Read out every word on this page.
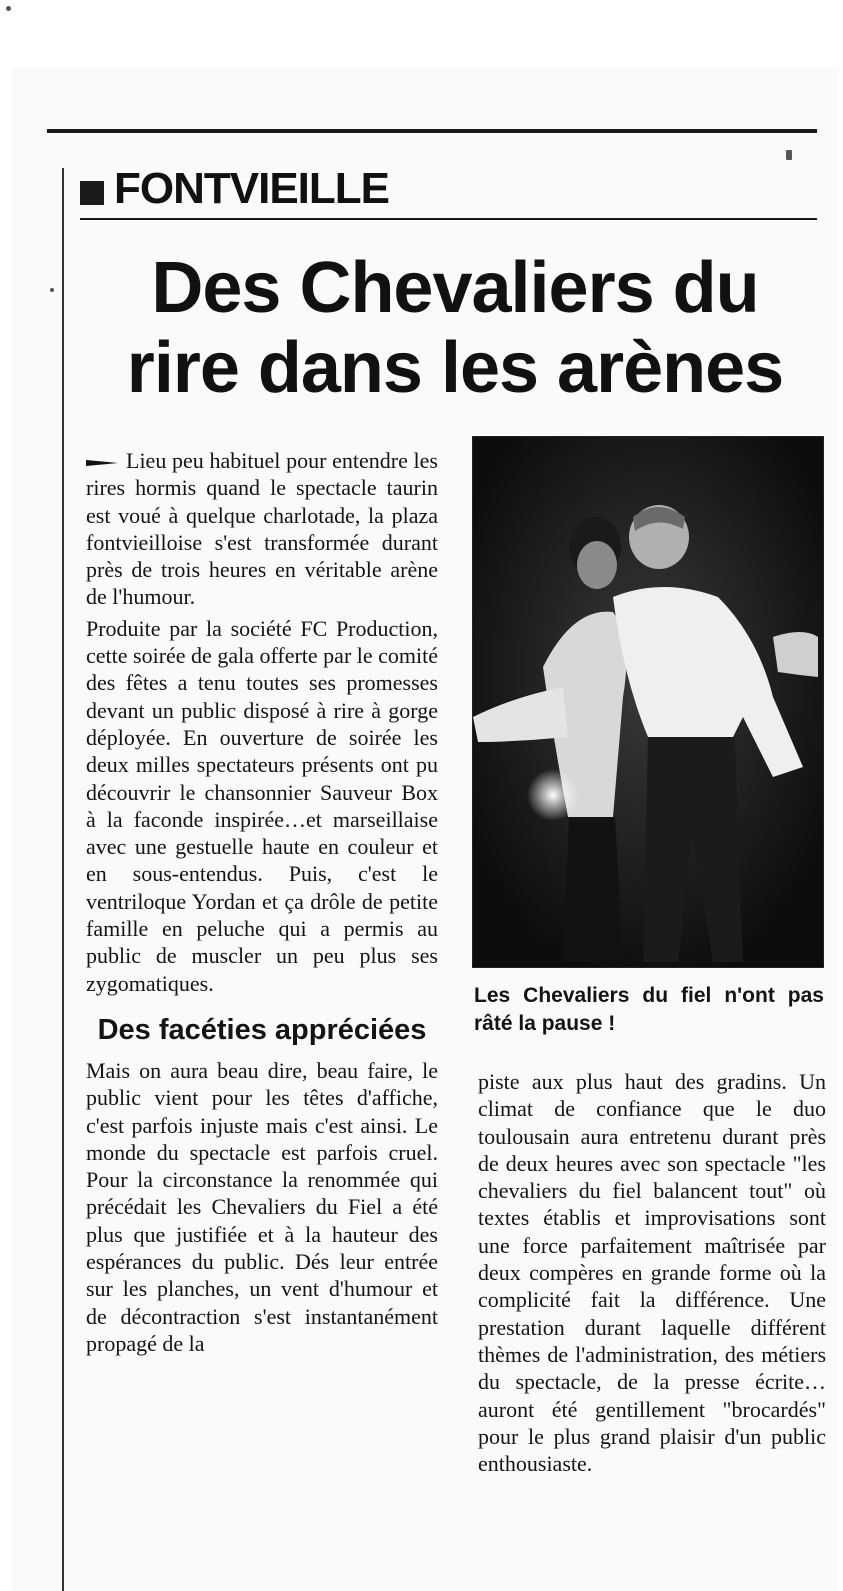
FONTVIEILLE
Des Chevaliers du rire dans les arènes

Lieu peu habituel pour entendre les rires hormis quand le spectacle taurin est voué à quelque charlotade, la plaza fontvieilloise s'est transformée durant près de trois heures en véritable arène de l'humour.

Produite par la société FC Production, cette soirée de gala offerte par le comité des fêtes a tenu toutes ses promesses devant un public disposé à rire à gorge déployée. En ouverture de soirée les deux milles spectateurs présents ont pu découvrir le chansonnier Sauveur Box à la faconde inspirée…et marseillaise avec une gestuelle haute en couleur et en sous-entendus. Puis, c'est le ventriloque Yordan et ça drôle de petite famille en peluche qui a permis au public de muscler un peu plus ses zygomatiques.

Des facéties appréciées

Mais on aura beau dire, beau faire, le public vient pour les têtes d'affiche, c'est parfois injuste mais c'est ainsi. Le monde du spectacle est parfois cruel. Pour la circonstance la renommée qui précédait les Chevaliers du Fiel a été plus que justifiée et à la hauteur des espérances du public. Dés leur entrée sur les planches, un vent d'humour et de décontraction s'est instantanément propagé de la

Les Chevaliers du fiel n'ont pas râté la pause !

piste aux plus haut des gradins. Un climat de confiance que le duo toulousain aura entretenu durant près de deux heures avec son spectacle "les chevaliers du fiel balancent tout" où textes établis et improvisations sont une force parfaitement maîtrisée par deux compères en grande forme où la complicité fait la différence. Une prestation durant laquelle différent thèmes de l'administration, des métiers du spectacle, de la presse écrite… auront été gentillement "brocardés" pour le plus grand plaisir d'un public enthousiaste.
